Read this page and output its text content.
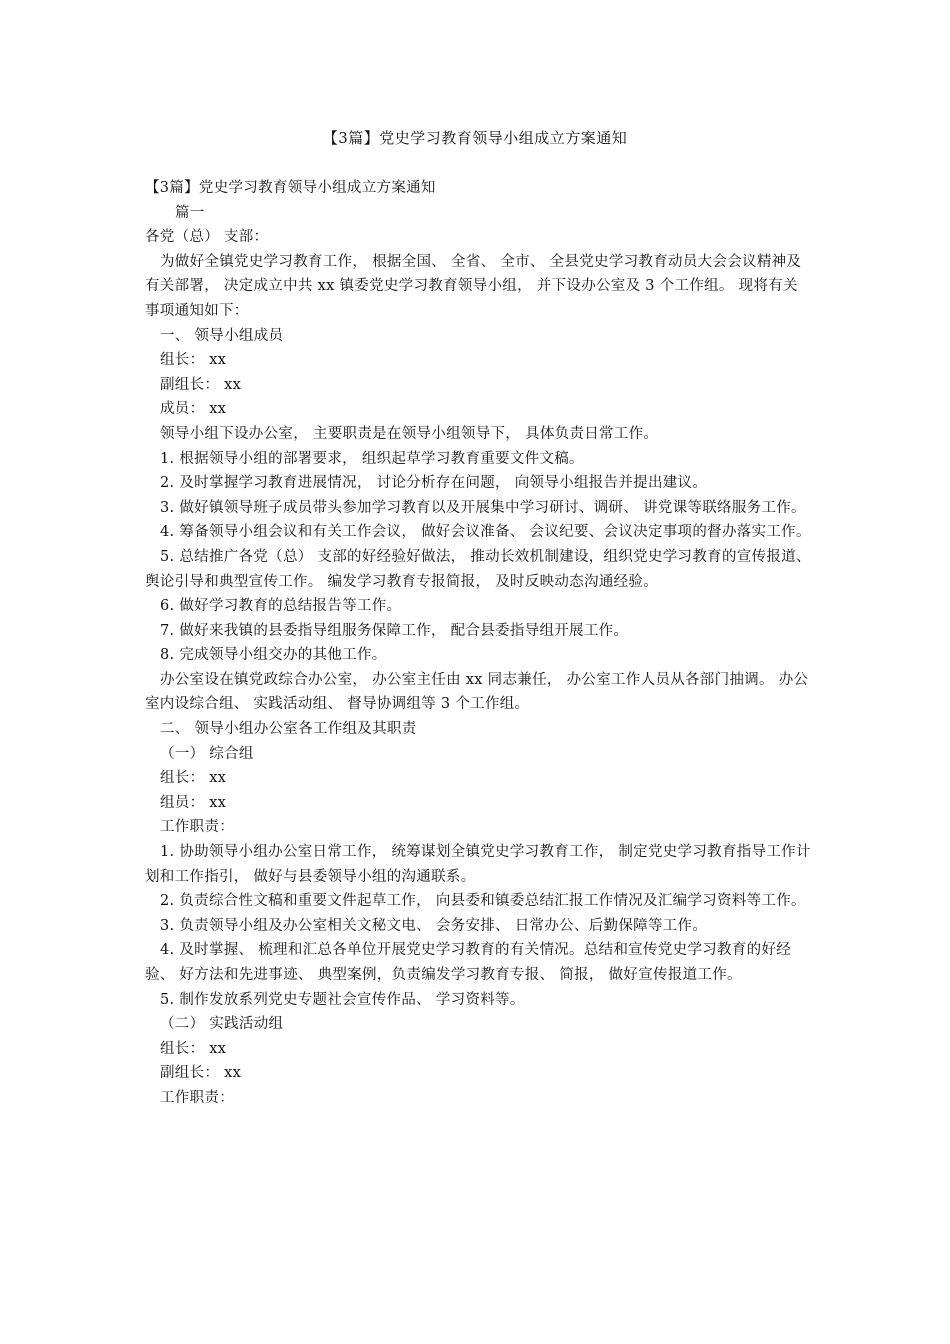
【3篇】党史学习教育领导小组成立方案通知

【3篇】党史学习教育领导小组成立方案通知

篇一

各党（总） 支部：

为做好全镇党史学习教育工作， 根据全国、 全省、 全市、 全县党史学习教育动员大会会议精神及有关部署， 决定成立中共 xx 镇委党史学习教育领导小组， 并下设办公室及 3 个工作组。 现将有关事项通知如下：

一、 领导小组成员

组长： xx

副组长： xx

成员： xx

领导小组下设办公室， 主要职责是在领导小组领导下， 具体负责日常工作。

1. 根据领导小组的部署要求， 组织起草学习教育重要文件文稿。

2. 及时掌握学习教育进展情况， 讨论分析存在问题， 向领导小组报告并提出建议。

3. 做好镇领导班子成员带头参加学习教育以及开展集中学习研讨、调研、 讲党课等联络服务工作。

4. 筹备领导小组会议和有关工作会议， 做好会议准备、 会议纪要、会议决定事项的督办落实工作。

5. 总结推广各党（总） 支部的好经验好做法， 推动长效机制建设，组织党史学习教育的宣传报道、 舆论引导和典型宣传工作。 编发学习教育专报简报， 及时反映动态沟通经验。

6. 做好学习教育的总结报告等工作。

7. 做好来我镇的县委指导组服务保障工作， 配合县委指导组开展工作。

8. 完成领导小组交办的其他工作。

办公室设在镇党政综合办公室， 办公室主任由 xx 同志兼任， 办公室工作人员从各部门抽调。 办公室内设综合组、 实践活动组、 督导协调组等 3 个工作组。

二、 领导小组办公室各工作组及其职责

（一） 综合组

组长： xx

组员： xx

工作职责：

1. 协助领导小组办公室日常工作， 统筹谋划全镇党史学习教育工作， 制定党史学习教育指导工作计划和工作指引， 做好与县委领导小组的沟通联系。

2. 负责综合性文稿和重要文件起草工作， 向县委和镇委总结汇报工作情况及汇编学习资料等工作。

3. 负责领导小组及办公室相关文秘文电、 会务安排、 日常办公、后勤保障等工作。

4. 及时掌握、 梳理和汇总各单位开展党史学习教育的有关情况。总结和宣传党史学习教育的好经验、 好方法和先进事迹、 典型案例，负责编发学习教育专报、 简报， 做好宣传报道工作。

5. 制作发放系列党史专题社会宣传作品、 学习资料等。

（二） 实践活动组

组长： xx

副组长： xx

工作职责：
